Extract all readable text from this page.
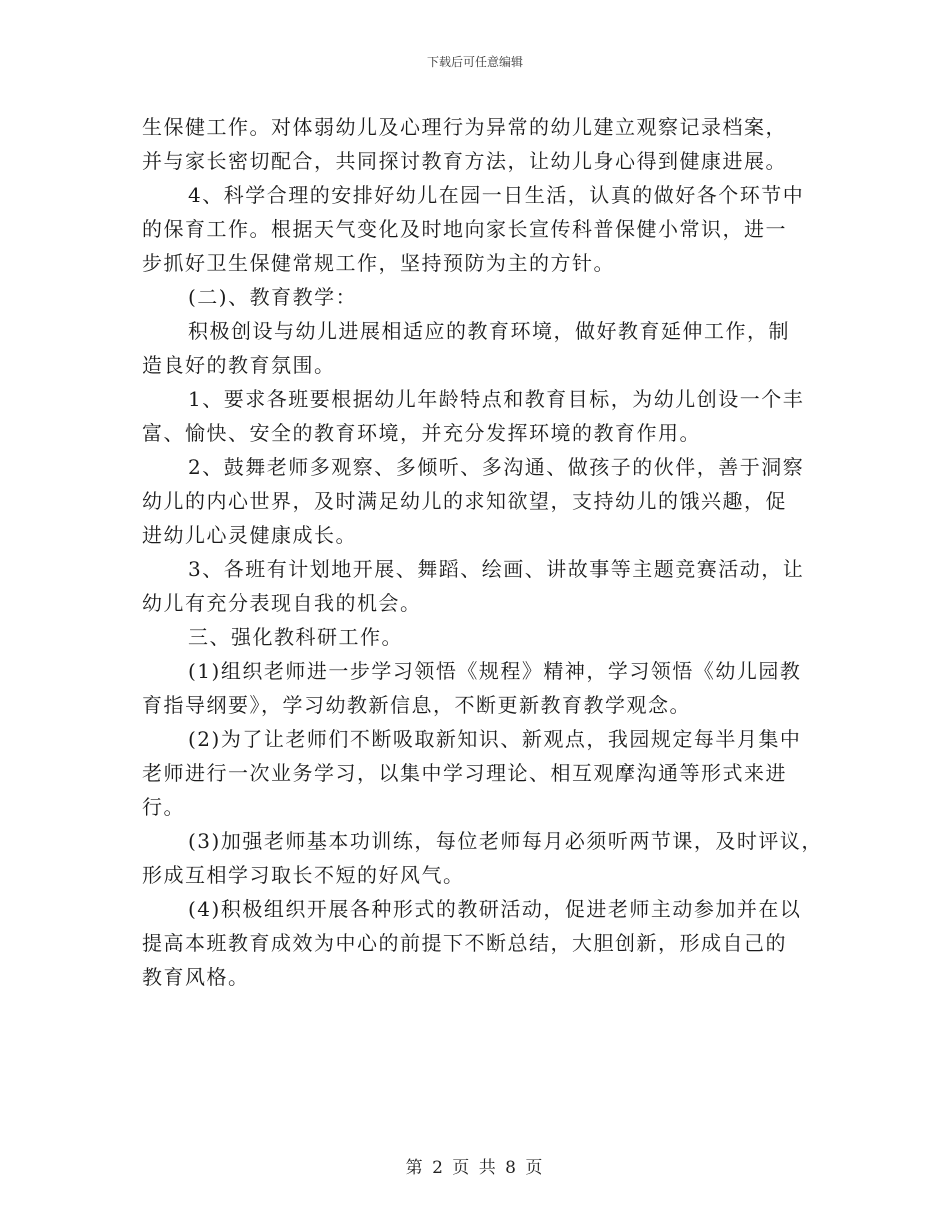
下载后可任意编辑
生保健工作。对体弱幼儿及心理行为异常的幼儿建立观察记录档案，
并与家长密切配合，共同探讨教育方法，让幼儿身心得到健康进展。
4、科学合理的安排好幼儿在园一日生活，认真的做好各个环节中
的保育工作。根据天气变化及时地向家长宣传科普保健小常识，进一
步抓好卫生保健常规工作，坚持预防为主的方针。
(二)、教育教学：
积极创设与幼儿进展相适应的教育环境，做好教育延伸工作，制
造良好的教育氛围。
1、要求各班要根据幼儿年龄特点和教育目标，为幼儿创设一个丰
富、愉快、安全的教育环境，并充分发挥环境的教育作用。
2、鼓舞老师多观察、多倾听、多沟通、做孩子的伙伴，善于洞察
幼儿的内心世界，及时满足幼儿的求知欲望，支持幼儿的饿兴趣，促
进幼儿心灵健康成长。
3、各班有计划地开展、舞蹈、绘画、讲故事等主题竞赛活动，让
幼儿有充分表现自我的机会。
三、强化教科研工作。
(1)组织老师进一步学习领悟《规程》精神，学习领悟《幼儿园教
育指导纲要》，学习幼教新信息，不断更新教育教学观念。
(2)为了让老师们不断吸取新知识、新观点，我园规定每半月集中
老师进行一次业务学习，以集中学习理论、相互观摩沟通等形式来进
行。
(3)加强老师基本功训练，每位老师每月必须听两节课，及时评议，
形成互相学习取长不短的好风气。
(4)积极组织开展各种形式的教研活动，促进老师主动参加并在以
提高本班教育成效为中心的前提下不断总结，大胆创新，形成自己的
教育风格。
第 2 页 共 8 页
